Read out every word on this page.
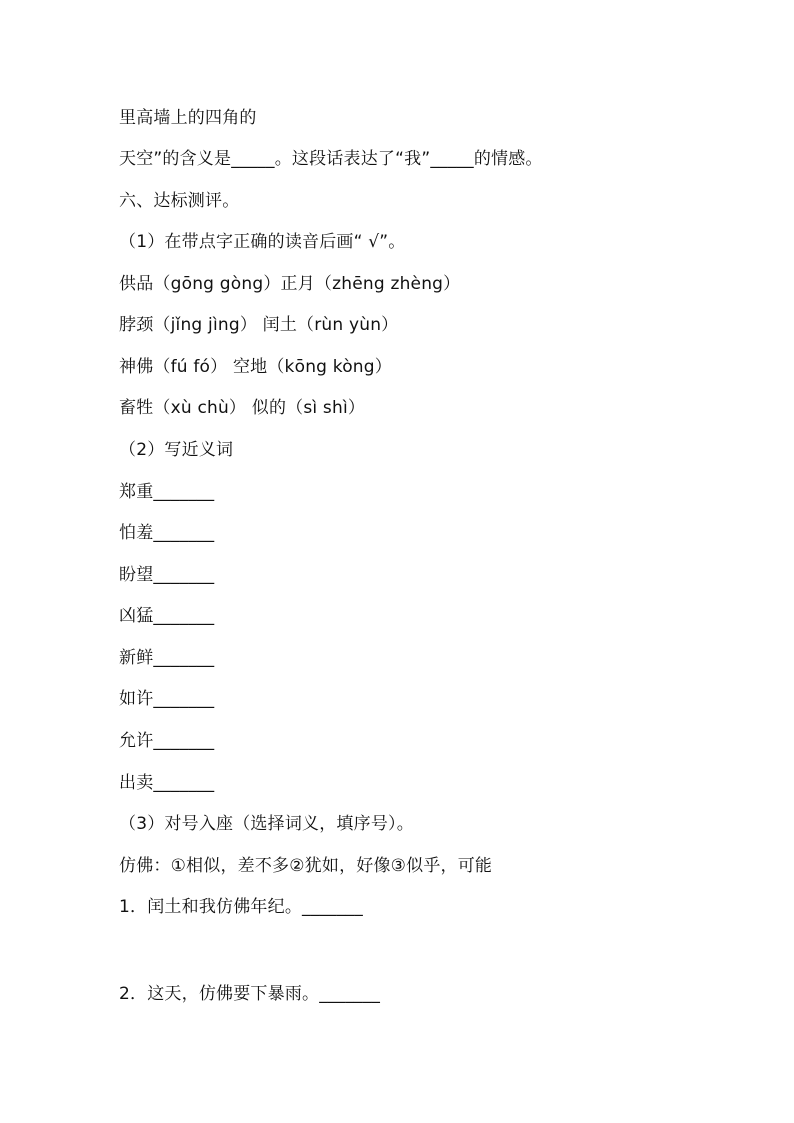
里高墙上的四角的
天空”的含义是_____。这段话表达了“我”_____的情感。
六、达标测评。
（1）在带点字正确的读音后画“ √”。
供品（gōng gòng）正月（zhēng zhèng）
脖颈（jǐng jìng） 闰土（rùn yùn）
神佛（fú fó） 空地（kōng kòng）
畜牲（xù chù） 似的（sì shì）
（2）写近义词
郑重_______
怕羞_______
盼望_______
凶猛_______
新鲜_______
如许_______
允许_______
出卖_______
（3）对号入座（选择词义，填序号）。
仿佛：①相似，差不多②犹如，好像③似乎，可能
1．闰土和我仿佛年纪。_______
2．这天，仿佛要下暴雨。_______
